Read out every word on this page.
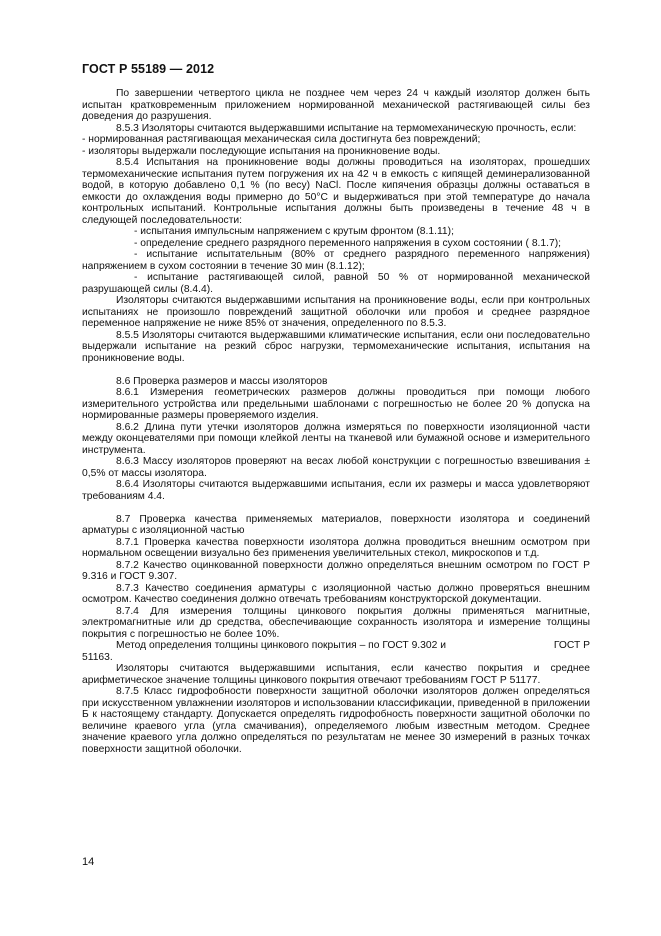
ГОСТ Р 55189 — 2012

По завершении четвертого цикла не позднее чем через 24 ч каждый изолятор должен быть испытан кратковременным приложением нормированной механической растягивающей силы без доведения до разрушения.

8.5.3 Изоляторы считаются выдержавшими испытание на термомеханическую прочность, если:

- нормированная растягивающая механическая сила достигнута без повреждений;

- изоляторы выдержали последующие испытания на проникновение воды.

8.5.4 Испытания на проникновение воды должны проводиться на изоляторах, прошедших термомеханические испытания путем погружения их на 42 ч в емкость с кипящей деминерализованной водой, в которую добавлено 0,1 % (по весу) NaCl. После кипячения образцы должны оставаться в емкости до охлаждения воды примерно до 50°С и выдерживаться при этой температуре до начала контрольных испытаний. Контрольные испытания должны быть произведены в течение 48 ч в следующей последовательности:

- испытания импульсным напряжением с крутым фронтом (8.1.11);

- определение среднего разрядного переменного напряжения в сухом состоянии ( 8.1.7);

- испытание испытательным (80% от среднего разрядного переменного напряжения) напряжением в сухом состоянии в течение 30 мин (8.1.12);

- испытание растягивающей силой, равной 50 % от нормированной механической разрушающей силы (8.4.4).

Изоляторы считаются выдержавшими испытания на проникновение воды, если при контрольных испытаниях не произошло повреждений защитной оболочки или пробоя и среднее разрядное переменное напряжение не ниже 85% от значения, определенного по 8.5.3.

8.5.5 Изоляторы считаются выдержавшими климатические испытания, если они последовательно выдержали испытание на резкий сброс нагрузки, термомеханические испытания, испытания на проникновение воды.

8.6 Проверка размеров и массы изоляторов

8.6.1 Измерения геометрических размеров должны проводиться при помощи любого измерительного устройства или предельными шаблонами с погрешностью не более 20 % допуска на нормированные размеры проверяемого изделия.

8.6.2 Длина пути утечки изоляторов должна измеряться по поверхности изоляционной части между оконцевателями при помощи клейкой ленты на тканевой или бумажной основе и измерительного инструмента.

8.6.3 Массу изоляторов проверяют на весах любой конструкции с погрешностью взвешивания ± 0,5% от массы изолятора.

8.6.4 Изоляторы считаются выдержавшими испытания, если их размеры и масса удовлетворяют требованиям 4.4.

8.7 Проверка качества применяемых материалов, поверхности изолятора и соединений арматуры с изоляционной частью

8.7.1 Проверка качества поверхности изолятора должна проводиться внешним осмотром при нормальном освещении визуально без применения увеличительных стекол, микроскопов и т.д.

8.7.2 Качество оцинкованной поверхности должно определяться внешним осмотром по ГОСТ Р 9.316 и ГОСТ 9.307.

8.7.3 Качество соединения арматуры с изоляционной частью должно проверяться внешним осмотром. Качество соединения должно отвечать требованиям конструкторской документации.

8.7.4 Для измерения толщины цинкового покрытия должны применяться магнитные, электромагнитные или др средства, обеспечивающие сохранность изолятора и измерение толщины покрытия с погрешностью не более 10%.

Метод определения толщины цинкового покрытия – по ГОСТ 9.302 и	ГОСТ Р

51163.

Изоляторы считаются выдержавшими испытания, если качество покрытия и среднее арифметическое значение толщины цинкового покрытия отвечают требованиям ГОСТ Р 51177.

8.7.5 Класс гидрофобности поверхности защитной оболочки изоляторов должен определяться при искусственном увлажнении изоляторов и использовании классификации, приведенной в приложении Б к настоящему стандарту. Допускается определять гидрофобность поверхности защитной оболочки по величине краевого угла (угла смачивания), определяемого любым известным методом. Среднее значение краевого угла должно определяться по результатам не менее 30 измерений в разных точках поверхности защитной оболочки.

14
